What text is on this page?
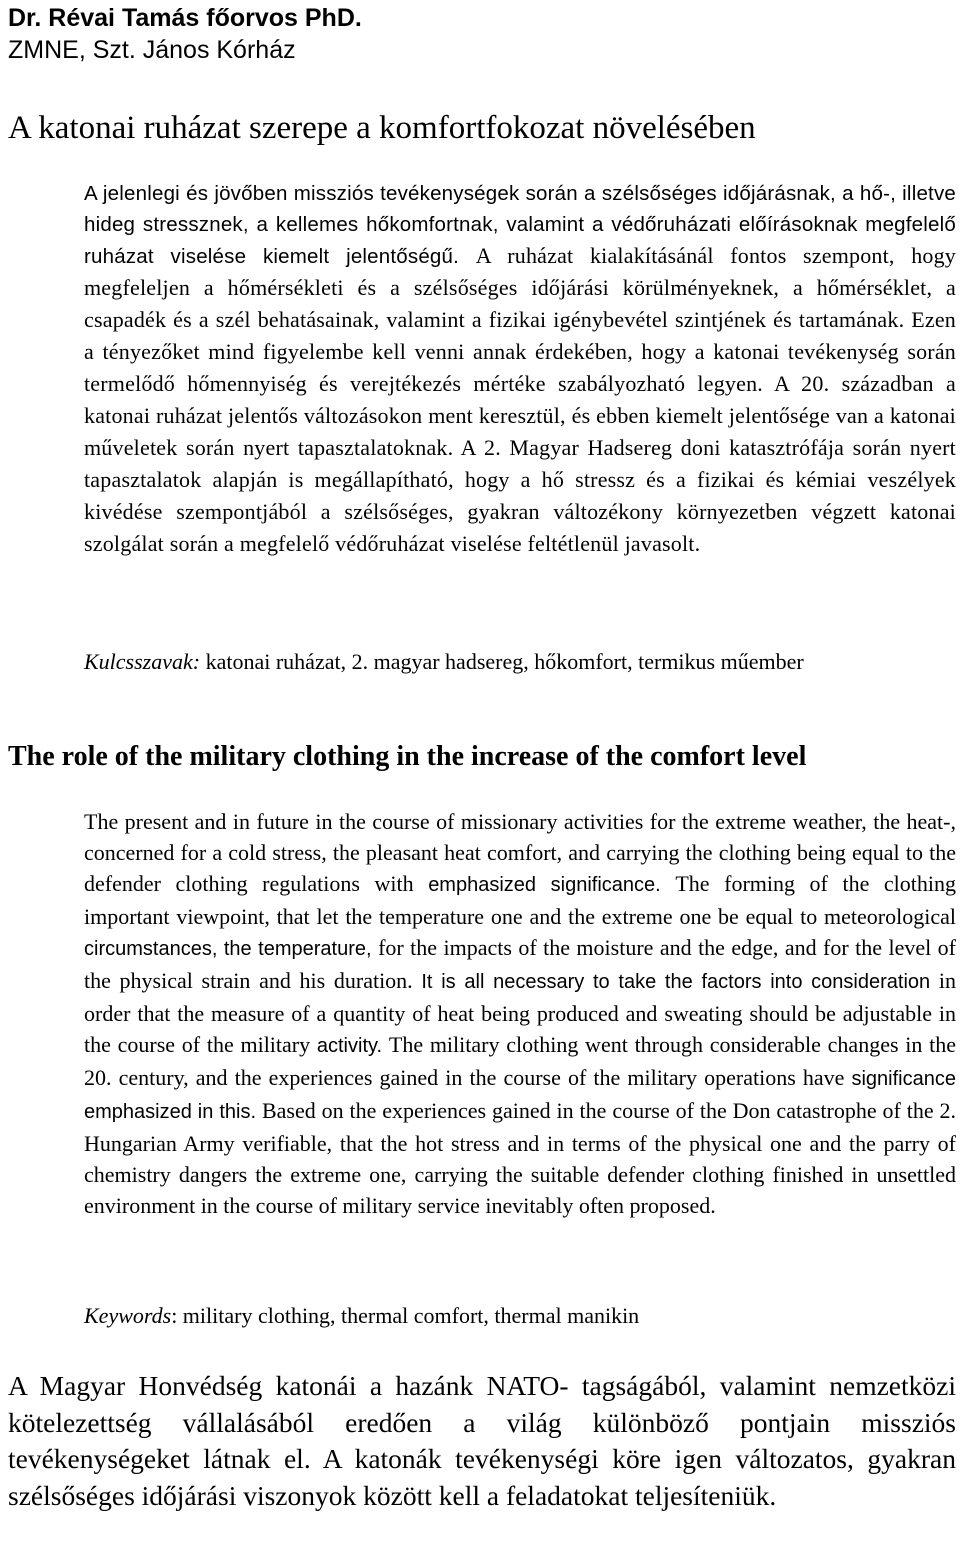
Dr. Révai Tamás főorvos PhD.
ZMNE, Szt. János Kórház
A katonai ruházat szerepe a komfortfokozat növelésében

A jelenlegi és jövőben missziós tevékenységek során a szélsőséges időjárásnak, a hő-, illetve hideg stressznek, a kellemes hőkomfortnak, valamint a védőruházati előírásoknak megfelelő ruházat viselése kiemelt jelentőségű. A ruházat kialakításánál fontos szempont, hogy megfeleljen a hőmérsékleti és a szélsőséges időjárási körülményeknek, a hőmérséklet, a csapadék és a szél behatásainak, valamint a fizikai igénybevétel szintjének és tartamának. Ezen a tényezőket mind figyelembe kell venni annak érdekében, hogy a katonai tevékenység során termelődő hőmennyiség és verejtékezés mértéke szabályozható legyen. A 20. században a katonai ruházat jelentős változásokon ment keresztül, és ebben kiemelt jelentősége van a katonai műveletek során nyert tapasztalatoknak. A 2. Magyar Hadsereg doni katasztrófája során nyert tapasztalatok alapján is megállapítható, hogy a hő stressz és a fizikai és kémiai veszélyek kivédése szempontjából a szélsőséges, gyakran változékony környezetben végzett katonai szolgálat során a megfelelő védőruházat viselése feltétlenül javasolt.

Kulcsszavak: katonai ruházat, 2. magyar hadsereg, hőkomfort, termikus műember

The role of the military clothing in the increase of the comfort level

The present and in future in the course of missionary activities for the extreme weather, the heat-, concerned for a cold stress, the pleasant heat comfort, and carrying the clothing being equal to the defender clothing regulations with emphasized significance. The forming of the clothing important viewpoint, that let the temperature one and the extreme one be equal to meteorological circumstances, the temperature, for the impacts of the moisture and the edge, and for the level of the physical strain and his duration. It is all necessary to take the factors into consideration in order that the measure of a quantity of heat being produced and sweating should be adjustable in the course of the military activity. The military clothing went through considerable changes in the 20. century, and the experiences gained in the course of the military operations have significance emphasized in this. Based on the experiences gained in the course of the Don catastrophe of the 2. Hungarian Army verifiable, that the hot stress and in terms of the physical one and the parry of chemistry dangers the extreme one, carrying the suitable defender clothing finished in unsettled environment in the course of military service inevitably often proposed.

Keywords: military clothing, thermal comfort, thermal manikin

A Magyar Honvédség katonái a hazánk NATO- tagságából, valamint nemzetközi kötelezettség vállalásából eredően a világ különböző pontjain missziós tevékenységeket látnak el. A katonák tevékenységi köre igen változatos, gyakran szélsőséges időjárási viszonyok között kell a feladatokat teljesíteniük.
